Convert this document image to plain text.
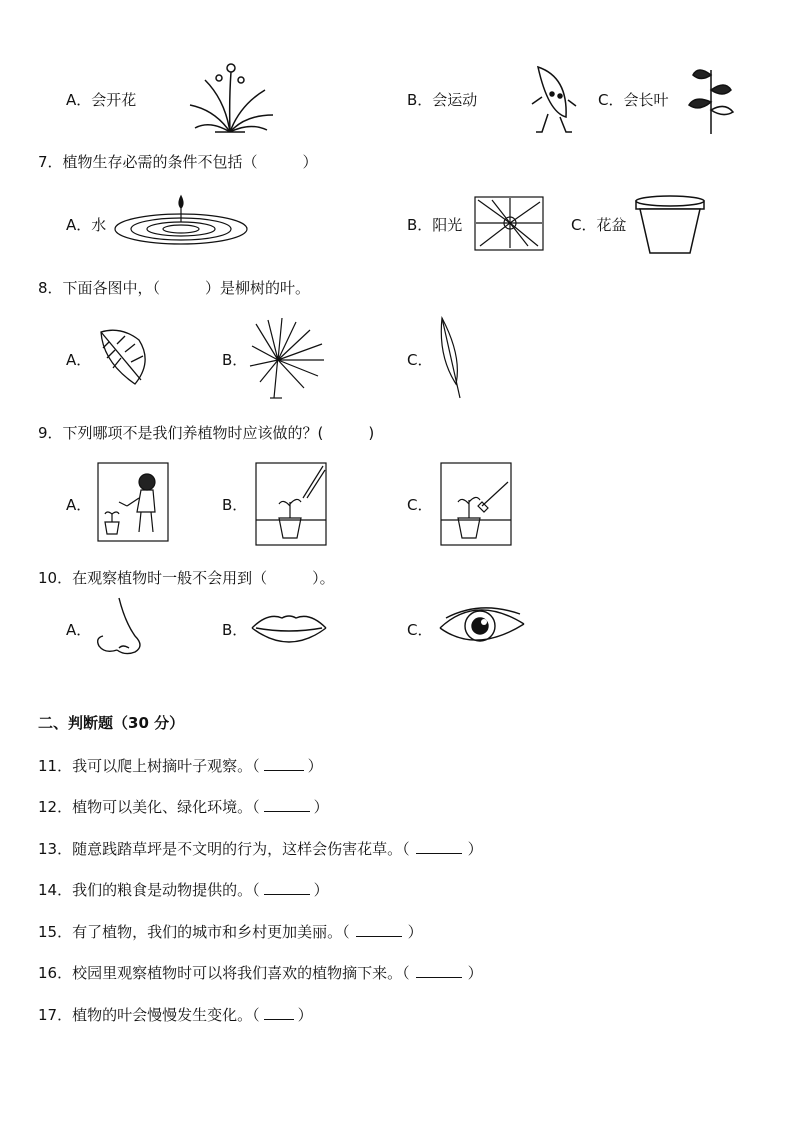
A．会开花	B．会运动	C．会长叶
7．植物生存必需的条件不包括（　　　）
A．水	B．阳光	C．花盆
8．下面各图中，（　　　）是柳树的叶。
A．	B．	C．
9．下列哪项不是我们养植物时应该做的？(　　　)
A．	B．	C．
10．在观察植物时一般不会用到（　　　）。
A．	B．	C．
二、判断题（30 分）
11．我可以爬上树摘叶子观察。（	）
12．植物可以美化、绿化环境。（	）
13．随意践踏草坪是不文明的行为，这样会伤害花草。（	）
14．我们的粮食是动物提供的。（	）
15．有了植物，我们的城市和乡村更加美丽。（	）
16．校园里观察植物时可以将我们喜欢的植物摘下来。（	）
17．植物的叶会慢慢发生变化。（	）
